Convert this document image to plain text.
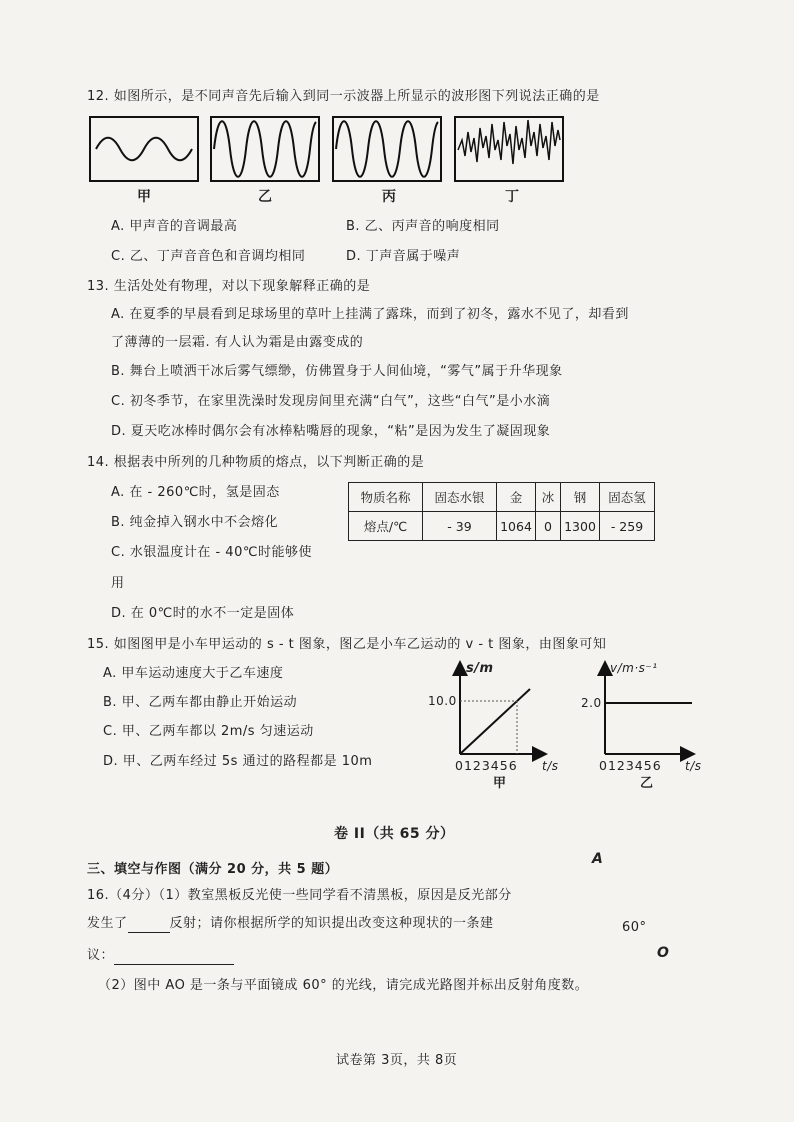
12. 如图所示，是不同声音先后输入到同一示波器上所显示的波形图下列说法正确的是
甲	乙	丙	丁
A. 甲声音的音调最高	B. 乙、丙声音的响度相同
C. 乙、丁声音音色和音调均相同	D. 丁声音属于噪声
13. 生活处处有物理，对以下现象解释正确的是
A. 在夏季的早晨看到足球场里的草叶上挂满了露珠，而到了初冬，露水不见了，却看到
了薄薄的一层霜. 有人认为霜是由露变成的
B. 舞台上喷洒干冰后雾气缥缈，仿佛置身于人间仙境，“雾气”属于升华现象
C. 初冬季节，在家里洗澡时发现房间里充满“白气”，这些“白气”是小水滴
D. 夏天吃冰棒时偶尔会有冰棒粘嘴唇的现象，“粘”是因为发生了凝固现象
14. 根据表中所列的几种物质的熔点，以下判断正确的是
A. 在 - 260℃时，氢是固态
B. 纯金掉入钢水中不会熔化
C. 水银温度计在 - 40℃时能够使
用
D. 在 0℃时的水不一定是固体
物质名称	固态水银	金	冰	钢	固态氢
熔点/℃	- 39	1064	0	1300	- 259
15. 如图图甲是小车甲运动的 s - t 图象，图乙是小车乙运动的 v - t 图象，由图象可知
A. 甲车运动速度大于乙车速度
B. 甲、乙两车都由静止开始运动
C. 甲、乙两车都以 2m/s 匀速运动
D. 甲、乙两车经过 5s 通过的路程都是 10m
s/m
10.0
0123456 t/s
甲
v/m·s⁻¹
2.0
0123456 t/s
乙
卷 II（共 65 分）
三、填空与作图（满分 20 分，共 5 题）
16.（4分）（1）教室黑板反光使一些同学看不清黑板，原因是反光部分
发生了	反射；请你根据所学的知识提出改变这种现状的一条建
议：
（2）图中 AO 是一条与平面镜成 60° 的光线，请完成光路图并标出反射角度数。
A
60°
O
试卷第 3页，共 8页
